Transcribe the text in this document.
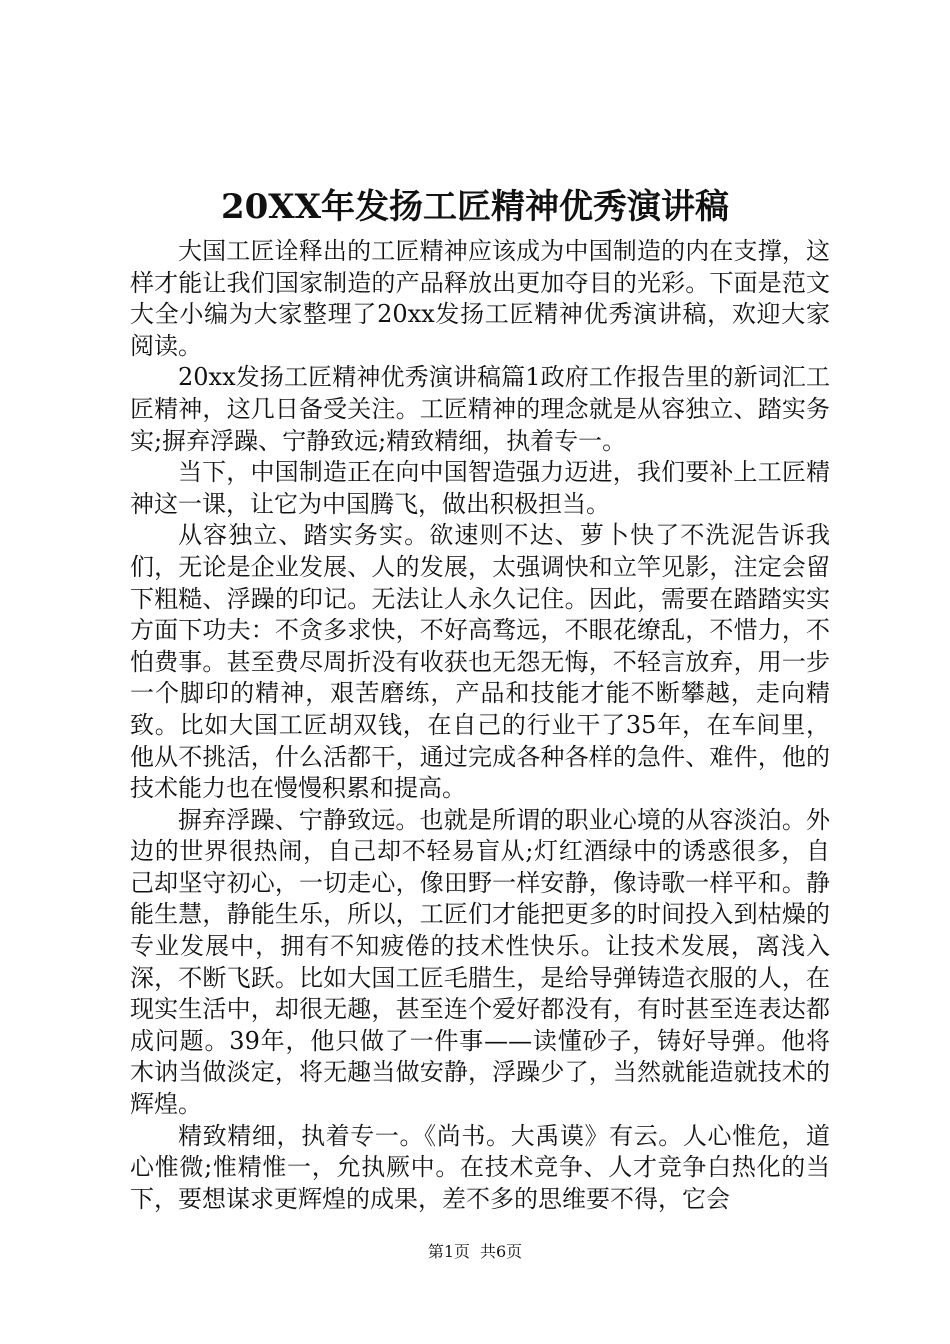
20XX年发扬工匠精神优秀演讲稿

大国工匠诠释出的工匠精神应该成为中国制造的内在支撑，这样才能让我们国家制造的产品释放出更加夺目的光彩。下面是范文大全小编为大家整理了20xx发扬工匠精神优秀演讲稿，欢迎大家阅读。

20xx发扬工匠精神优秀演讲稿篇1政府工作报告里的新词汇工匠精神，这几日备受关注。工匠精神的理念就是从容独立、踏实务实;摒弃浮躁、宁静致远;精致精细，执着专一。

当下，中国制造正在向中国智造强力迈进，我们要补上工匠精神这一课，让它为中国腾飞，做出积极担当。

从容独立、踏实务实。欲速则不达、萝卜快了不洗泥告诉我们，无论是企业发展、人的发展，太强调快和立竿见影，注定会留下粗糙、浮躁的印记。无法让人永久记住。因此，需要在踏踏实实方面下功夫：不贪多求快，不好高骛远，不眼花缭乱，不惜力，不怕费事。甚至费尽周折没有收获也无怨无悔，不轻言放弃，用一步一个脚印的精神，艰苦磨练，产品和技能才能不断攀越，走向精致。比如大国工匠胡双钱，在自己的行业干了35年，在车间里，他从不挑活，什么活都干，通过完成各种各样的急件、难件，他的技术能力也在慢慢积累和提高。

摒弃浮躁、宁静致远。也就是所谓的职业心境的从容淡泊。外边的世界很热闹，自己却不轻易盲从;灯红酒绿中的诱惑很多，自己却坚守初心，一切走心，像田野一样安静，像诗歌一样平和。静能生慧，静能生乐，所以，工匠们才能把更多的时间投入到枯燥的专业发展中，拥有不知疲倦的技术性快乐。让技术发展，离浅入深，不断飞跃。比如大国工匠毛腊生，是给导弹铸造衣服的人，在现实生活中，却很无趣，甚至连个爱好都没有，有时甚至连表达都成问题。39年，他只做了一件事——读懂砂子，铸好导弹。他将木讷当做淡定，将无趣当做安静，浮躁少了，当然就能造就技术的辉煌。

精致精细，执着专一。《尚书。大禹谟》有云。人心惟危，道心惟微;惟精惟一，允执厥中。在技术竞争、人才竞争白热化的当下，要想谋求更辉煌的成果，差不多的思维要不得，它会

第1页 共6页
